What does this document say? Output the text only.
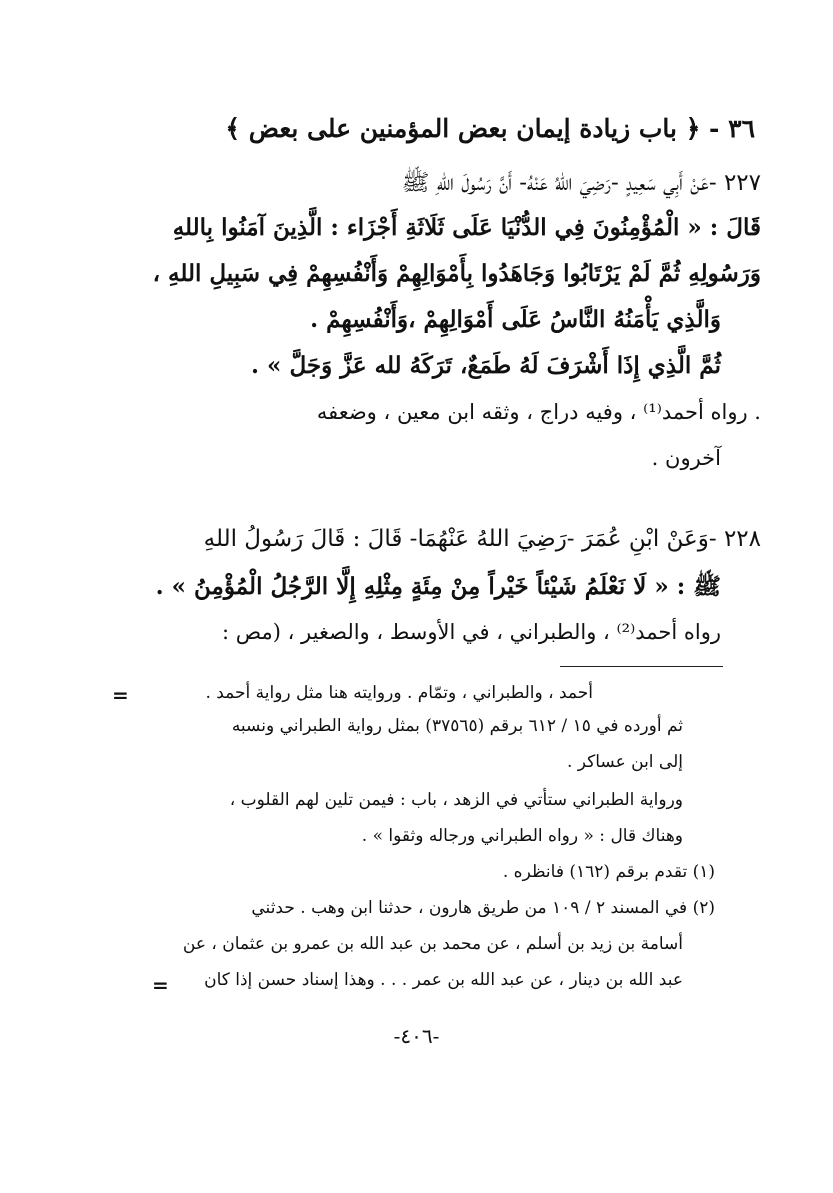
٣٦ - ﴿ باب زيادة إيمان بعض المؤمنين على بعض ﴾
٢٢٧ -عَنْ أَبِي سَعِيدٍ -رَضِيَ اللهُ عَنْهُ- أَنَّ رَسُولَ اللهِ ﷺ
قَالَ : « الْمُؤْمِنُونَ فِي الدُّنْيَا عَلَى ثَلَاثَةِ أَجْزَاء : الَّذِينَ آمَنُوا بِاللهِ
وَرَسُولِهِ ثُمَّ لَمْ يَرْتَابُوا وَجَاهَدُوا بِأَمْوَالِهِمْ وَأَنْفُسِهِمْ فِي سَبِيلِ اللهِ ،
وَالَّذِي يَأْمَنُهُ النَّاسُ عَلَى أَمْوَالِهِمْ ،وَأَنْفُسِهِمْ .
ثُمَّ الَّذِي إِذَا أَشْرَفَ لَهُ طَمَعٌ، تَرَكَهُ لله عَزَّ وَجَلَّ » .
. رواه أحمد⁽¹⁾ ، وفيه دراج ، وثقه ابن معين ، وضعفه
آخرون .
٢٢٨ -وَعَنْ ابْنِ عُمَرَ -رَضِيَ اللهُ عَنْهُمَا- قَالَ : قَالَ رَسُولُ اللهِ
ﷺ : « لَا نَعْلَمُ شَيْئاً خَيْراً مِنْ مِئَةٍ مِثْلِهِ إِلَّا الرَّجُلُ الْمُؤْمِنُ » .
رواه أحمد⁽²⁾ ، والطبراني ، في الأوسط ، والصغير ، (مص :
=	أحمد ، والطبراني ، وتمّام . وروايته هنا مثل رواية أحمد .
ثم أورده في ١٥ / ٦١٢ برقم (٣٧٥٦٥) بمثل رواية الطبراني ونسبه
إلى ابن عساكر .
ورواية الطبراني ستأتي في الزهد ، باب : فيمن تلين لهم القلوب ،
وهناك قال : « رواه الطبراني ورجاله وثقوا » .
(١) تقدم برقم (١٦٢) فانظره .
(٢) في المسند ٢ / ١٠٩ من طريق هارون ، حدثنا ابن وهب . حدثني
أسامة بن زيد بن أسلم ، عن محمد بن عبد الله بن عمرو بن عثمان ، عن
عبد الله بن دينار ، عن عبد الله بن عمر . . . وهذا إسناد حسن إذا كان
=
-٤٠٦-
